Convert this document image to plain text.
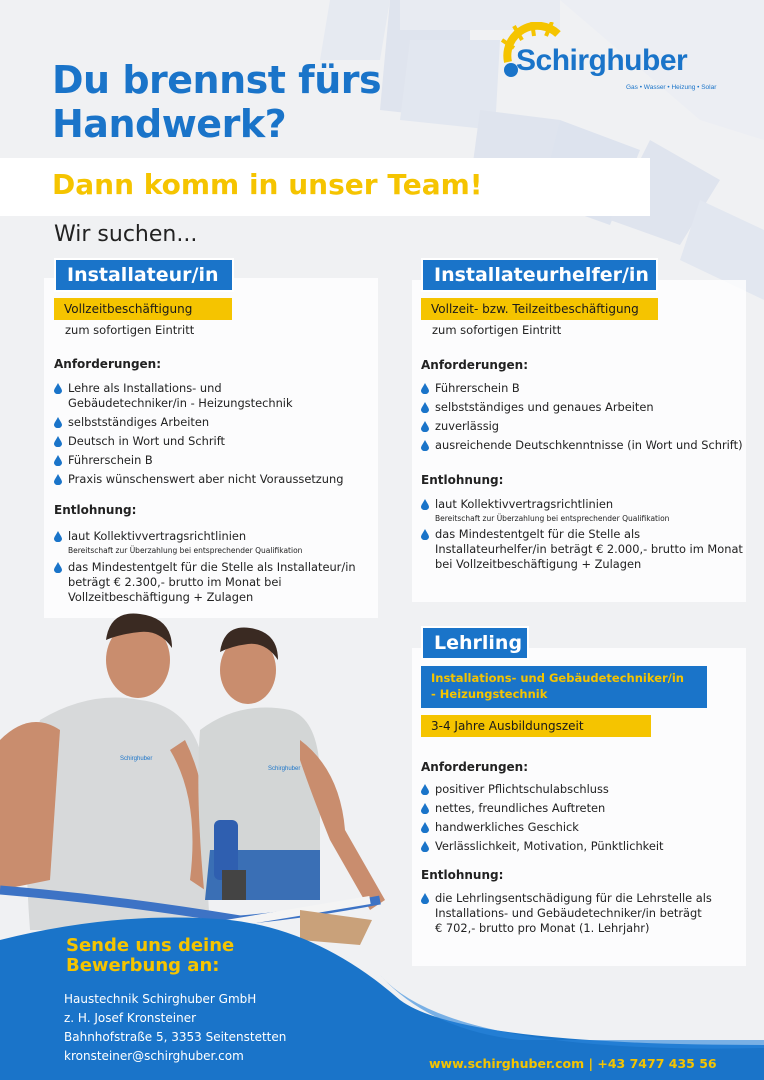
Schirghuber
Gas • Wasser • Heizung • Solar
Du brennst fürs
Handwerk?
Dann komm in unser Team!
Wir suchen...
Installateur/in
Vollzeitbeschäftigung
zum sofortigen Eintritt
Anforderungen:
Lehre als Installations- und
Gebäudetechniker/in - Heizungstechnik
selbstständiges Arbeiten
Deutsch in Wort und Schrift
Führerschein B
Praxis wünschenswert aber nicht Voraussetzung
Entlohnung:
laut Kollektivvertragsrichtlinien
Bereitschaft zur Überzahlung bei entsprechender Qualifikation
das Mindestentgelt für die Stelle als Installateur/in
beträgt € 2.300,- brutto im Monat bei
Vollzeitbeschäftigung + Zulagen
Installateurhelfer/in
Vollzeit- bzw. Teilzeitbeschäftigung
zum sofortigen Eintritt
Anforderungen:
Führerschein B
selbstständiges und genaues Arbeiten
zuverlässig
ausreichende Deutschkenntnisse (in Wort und Schrift)
Entlohnung:
laut Kollektivvertragsrichtlinien
Bereitschaft zur Überzahlung bei entsprechender Qualifikation
das Mindestentgelt für die Stelle als
Installateurhelfer/in beträgt € 2.000,- brutto im Monat
bei Vollzeitbeschäftigung + Zulagen
Lehrling
Installations- und Gebäudetechniker/in
- Heizungstechnik
3-4 Jahre Ausbildungszeit
Anforderungen:
positiver Pflichtschulabschluss
nettes, freundliches Auftreten
handwerkliches Geschick
Verlässlichkeit, Motivation, Pünktlichkeit
Entlohnung:
die Lehrlingsentschädigung für die Lehrstelle als
Installations- und Gebäudetechniker/in beträgt
€ 702,- brutto pro Monat (1. Lehrjahr)
Schirghuber
Schirghuber
Sende uns deine
Bewerbung an:
Haustechnik Schirghuber GmbH
z. H. Josef Kronsteiner
Bahnhofstraße 5, 3353 Seitenstetten
kronsteiner@schirghuber.com	www.schirghuber.com | +43 7477 435 56
